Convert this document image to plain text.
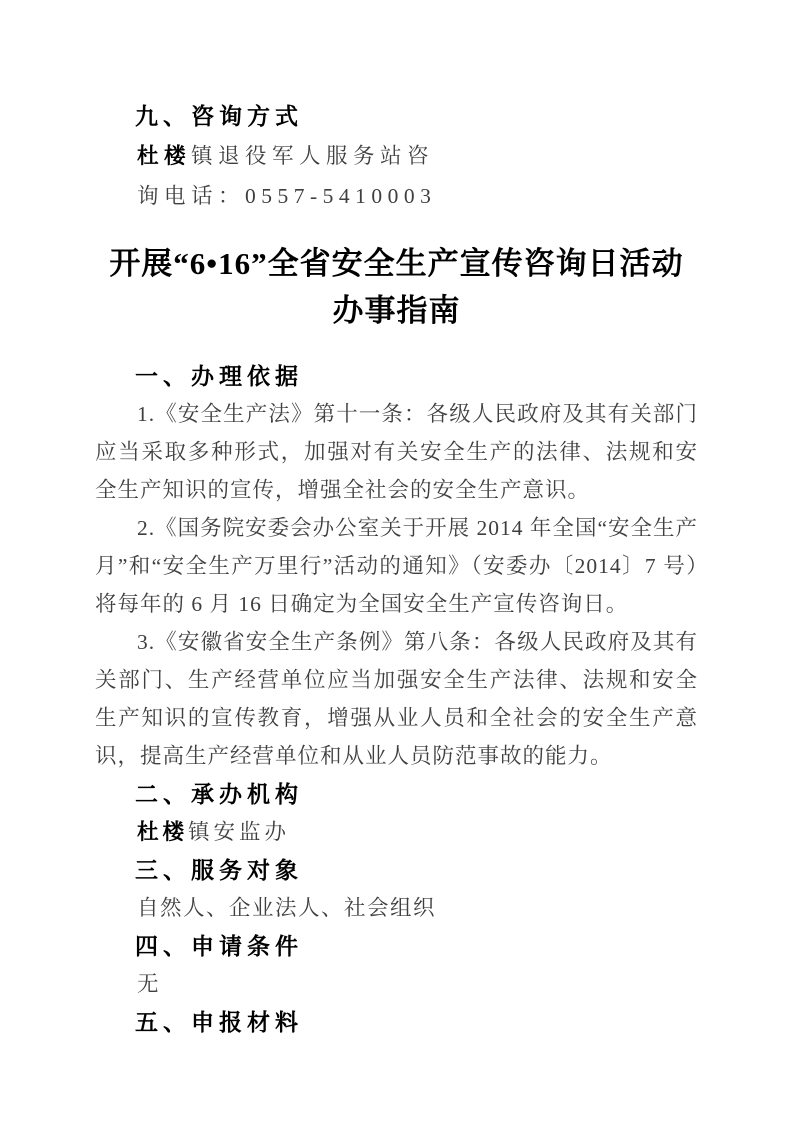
九、咨询方式

杜楼镇退役军人服务站咨

询电话：0557-5410003

开展“6•16”全省安全生产宣传咨询日活动
办事指南
一、办理依据

1.《安全生产法》第十一条：各级人民政府及其有关部门应当采取多种形式，加强对有关安全生产的法律、法规和安全生产知识的宣传，增强全社会的安全生产意识。

2.《国务院安委会办公室关于开展 2014 年全国“安全生产月”和“安全生产万里行”活动的通知》（安委办〔2014〕7 号）将每年的 6 月 16 日确定为全国安全生产宣传咨询日。

3.《安徽省安全生产条例》第八条：各级人民政府及其有关部门、生产经营单位应当加强安全生产法律、法规和安全生产知识的宣传教育，增强从业人员和全社会的安全生产意识，提高生产经营单位和从业人员防范事故的能力。

二、承办机构

杜楼镇安监办

三、服务对象

自然人、企业法人、社会组织

四、申请条件

无

五、申报材料
